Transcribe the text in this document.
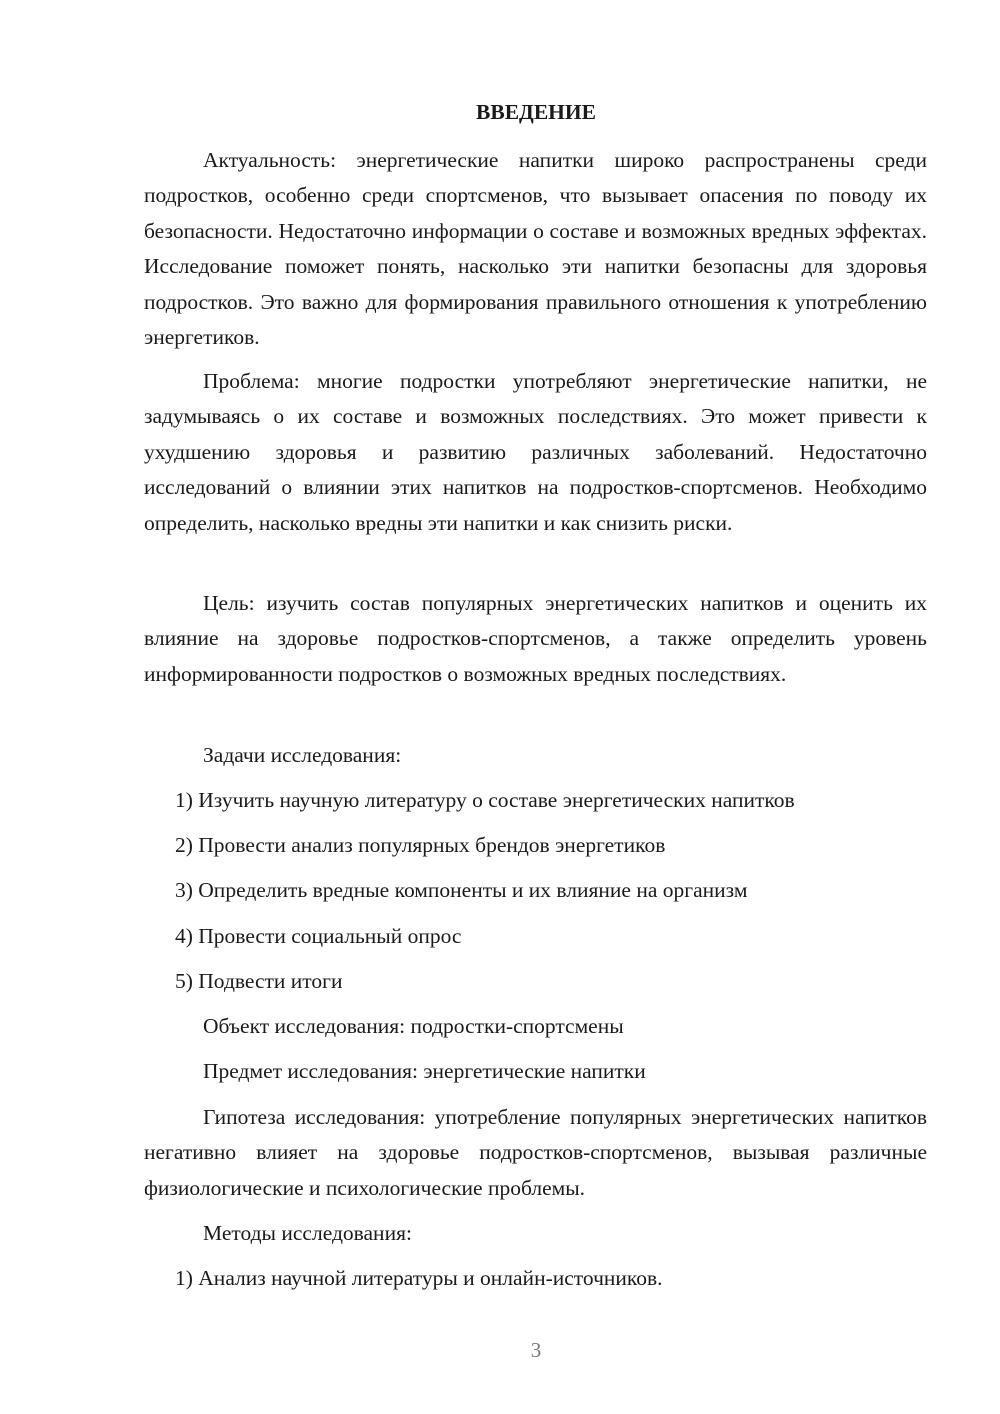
ВВЕДЕНИЕ

Актуальность: энергетические напитки широко распространены среди подростков, особенно среди спортсменов, что вызывает опасения по поводу их безопасности. Недостаточно информации о составе и возможных вредных эффектах. Исследование поможет понять, насколько эти напитки безопасны для здоровья подростков. Это важно для формирования правильного отношения к употреблению энергетиков.

Проблема: многие подростки употребляют энергетические напитки, не задумываясь о их составе и возможных последствиях. Это может привести к ухудшению здоровья и развитию различных заболеваний. Недостаточно исследований о влиянии этих напитков на подростков-спортсменов. Необходимо определить, насколько вредны эти напитки и как снизить риски.

Цель: изучить состав популярных энергетических напитков и оценить их влияние на здоровье подростков-спортсменов, а также определить уровень информированности подростков о возможных вредных последствиях.

Задачи исследования:

1) Изучить научную литературу о составе энергетических напитков

2) Провести анализ популярных брендов энергетиков

3) Определить вредные компоненты и их влияние на организм

4) Провести социальный опрос

5) Подвести итоги

Объект исследования: подростки-спортсмены

Предмет исследования: энергетические напитки

Гипотеза исследования: употребление популярных энергетических напитков негативно влияет на здоровье подростков-спортсменов, вызывая различные физиологические и психологические проблемы.

Методы исследования:

1) Анализ научной литературы и онлайн-источников.

3
